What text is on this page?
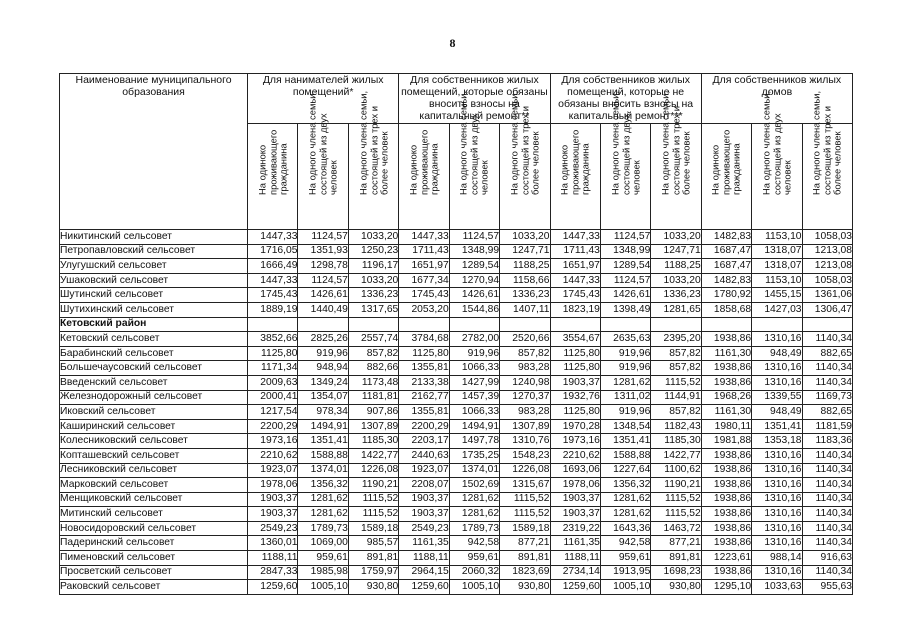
8
Наименование муниципального образования	Для нанимателей жилых помещений*			Для собственников жилых помещений, которые обязаны вносить взносы на капитальный ремонт**			Для собственников жилых помещений, которые не обязаны вносить взносы на капитальный ремонт***			Для собственников жилых домов		

	На одиноко проживающего гражданина	На одного члена семьи, состоящей из двух человек	На одного члена семьи, состоящей из трех и более человек	На одиноко проживающего гражданина	На одного члена семьи, состоящей из двух человек	На одного члена семьи, состоящей из трех и более человек	На одиноко проживающего гражданина	На одного члена семьи, состоящей из двух человек	На одного члена семьи, состоящей из трех и более человек	На одиноко проживающего гражданина	На одного члена семьи, состоящей из двух человек	На одного члена семьи, состоящей из трех и более человек

Никитинский сельсовет	1447,33	1124,57	1033,20	1447,33	1124,57	1033,20	1447,33	1124,57	1033,20	1482,83	1153,10	1058,03
Петропавловский сельсовет	1716,05	1351,93	1250,23	1711,43	1348,99	1247,71	1711,43	1348,99	1247,71	1687,47	1318,07	1213,08
Улугушский сельсовет	1666,49	1298,78	1196,17	1651,97	1289,54	1188,25	1651,97	1289,54	1188,25	1687,47	1318,07	1213,08
Ушаковский сельсовет	1447,33	1124,57	1033,20	1677,34	1270,94	1158,66	1447,33	1124,57	1033,20	1482,83	1153,10	1058,03
Шутинский сельсовет	1745,43	1426,61	1336,23	1745,43	1426,61	1336,23	1745,43	1426,61	1336,23	1780,92	1455,15	1361,06
Шутихинский сельсовет	1889,19	1440,49	1317,65	2053,20	1544,86	1407,11	1823,19	1398,49	1281,65	1858,68	1427,03	1306,47
Кетовский район												
Кетовский сельсовет	3852,66	2825,26	2557,74	3784,68	2782,00	2520,66	3554,67	2635,63	2395,20	1938,86	1310,16	1140,34
Барабинский сельсовет	1125,80	919,96	857,82	1125,80	919,96	857,82	1125,80	919,96	857,82	1161,30	948,49	882,65
Большечаусовский сельсовет	1171,34	948,94	882,66	1355,81	1066,33	983,28	1125,80	919,96	857,82	1938,86	1310,16	1140,34
Введенский сельсовет	2009,63	1349,24	1173,48	2133,38	1427,99	1240,98	1903,37	1281,62	1115,52	1938,86	1310,16	1140,34
Железнодорожный сельсовет	2000,41	1354,07	1181,81	2162,77	1457,39	1270,37	1932,76	1311,02	1144,91	1968,26	1339,55	1169,73
Иковский сельсовет	1217,54	978,34	907,86	1355,81	1066,33	983,28	1125,80	919,96	857,82	1161,30	948,49	882,65
Каширинский сельсовет	2200,29	1494,91	1307,89	2200,29	1494,91	1307,89	1970,28	1348,54	1182,43	1980,11	1351,41	1181,59
Колесниковский сельсовет	1973,16	1351,41	1185,30	2203,17	1497,78	1310,76	1973,16	1351,41	1185,30	1981,88	1353,18	1183,36
Копташевский сельсовет	2210,62	1588,88	1422,77	2440,63	1735,25	1548,23	2210,62	1588,88	1422,77	1938,86	1310,16	1140,34
Лесниковский сельсовет	1923,07	1374,01	1226,08	1923,07	1374,01	1226,08	1693,06	1227,64	1100,62	1938,86	1310,16	1140,34
Марковский сельсовет	1978,06	1356,32	1190,21	2208,07	1502,69	1315,67	1978,06	1356,32	1190,21	1938,86	1310,16	1140,34
Менщиковский сельсовет	1903,37	1281,62	1115,52	1903,37	1281,62	1115,52	1903,37	1281,62	1115,52	1938,86	1310,16	1140,34
Митинский сельсовет	1903,37	1281,62	1115,52	1903,37	1281,62	1115,52	1903,37	1281,62	1115,52	1938,86	1310,16	1140,34
Новосидоровский сельсовет	2549,23	1789,73	1589,18	2549,23	1789,73	1589,18	2319,22	1643,36	1463,72	1938,86	1310,16	1140,34
Падеринский сельсовет	1360,01	1069,00	985,57	1161,35	942,58	877,21	1161,35	942,58	877,21	1938,86	1310,16	1140,34
Пименовский сельсовет	1188,11	959,61	891,81	1188,11	959,61	891,81	1188,11	959,61	891,81	1223,61	988,14	916,63
Просветский сельсовет	2847,33	1985,98	1759,97	2964,15	2060,32	1823,69	2734,14	1913,95	1698,23	1938,86	1310,16	1140,34
Раковский сельсовет	1259,60	1005,10	930,80	1259,60	1005,10	930,80	1259,60	1005,10	930,80	1295,10	1033,63	955,63
